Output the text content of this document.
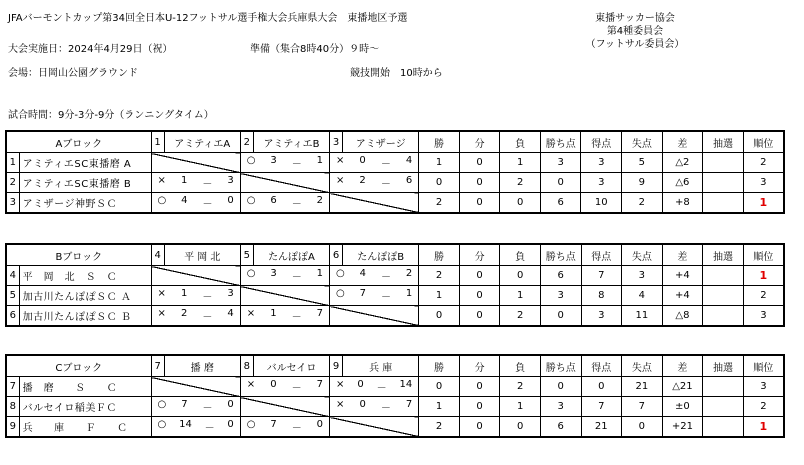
JFAバーモントカップ第34回全日本U-12フットサル選手権大会兵庫県大会　東播地区予選	東播サッカー協会
第4種委員会
（フットサル委員会）
大会実施日：2024年4月29日（祝）	準備（集合8時40分）９時～
会場：日岡山公園グラウンド	競技開始　10時から
試合時間：9分-3分-9分（ランニングタイム）
Aブロック		1	アミティエA	2	アミティエB	3	アミザージ	勝	分	負	勝ち点	得点	失点	差	抽選	順位
1	アミティエSC東播磨 A			○ 3 － 1		× 0 － 4		1	0	1	3	3	5	△2		2
2	アミティエSC東播磨 B	× 1 － 3				× 2 － 6		0	0	2	0	3	9	△6		3
3	アミザージ神野ＳＣ	○ 4 － 0		○ 6 － 2				2	0	0	6	10	2	+8		1
Bブロック		4	平 岡 北	5	たんぽぽA	6	たんぽぽB	勝	分	負	勝ち点	得点	失点	差	抽選	順位
4	平　岡　北　Ｓ　Ｃ			○ 3 － 1		○ 4 － 2		2	0	0	6	7	3	+4		1
5	加古川たんぽぽＳＣ Ａ	× 1 － 3				○ 7 － 1		1	0	1	3	8	4	+4		2
6	加古川たんぽぽＳＣ Ｂ	× 2 － 4		× 1 － 7				0	0	2	0	3	11	△8		3
Cブロック		7	播 磨	8	バルセイロ	9	兵 庫	勝	分	負	勝ち点	得点	失点	差	抽選	順位
7	播　磨　　Ｓ　　Ｃ			× 0 － 7		× 0 － 14		0	0	2	0	0	21	△21		3
8	バルセイロ稲美ＦＣ	○ 7 － 0				× 0 － 7		1	0	1	3	7	7	±0		2
9	兵　　庫　　Ｆ　　Ｃ	○ 14 － 0		○ 7 － 0				2	0	0	6	21	0	+21		1
